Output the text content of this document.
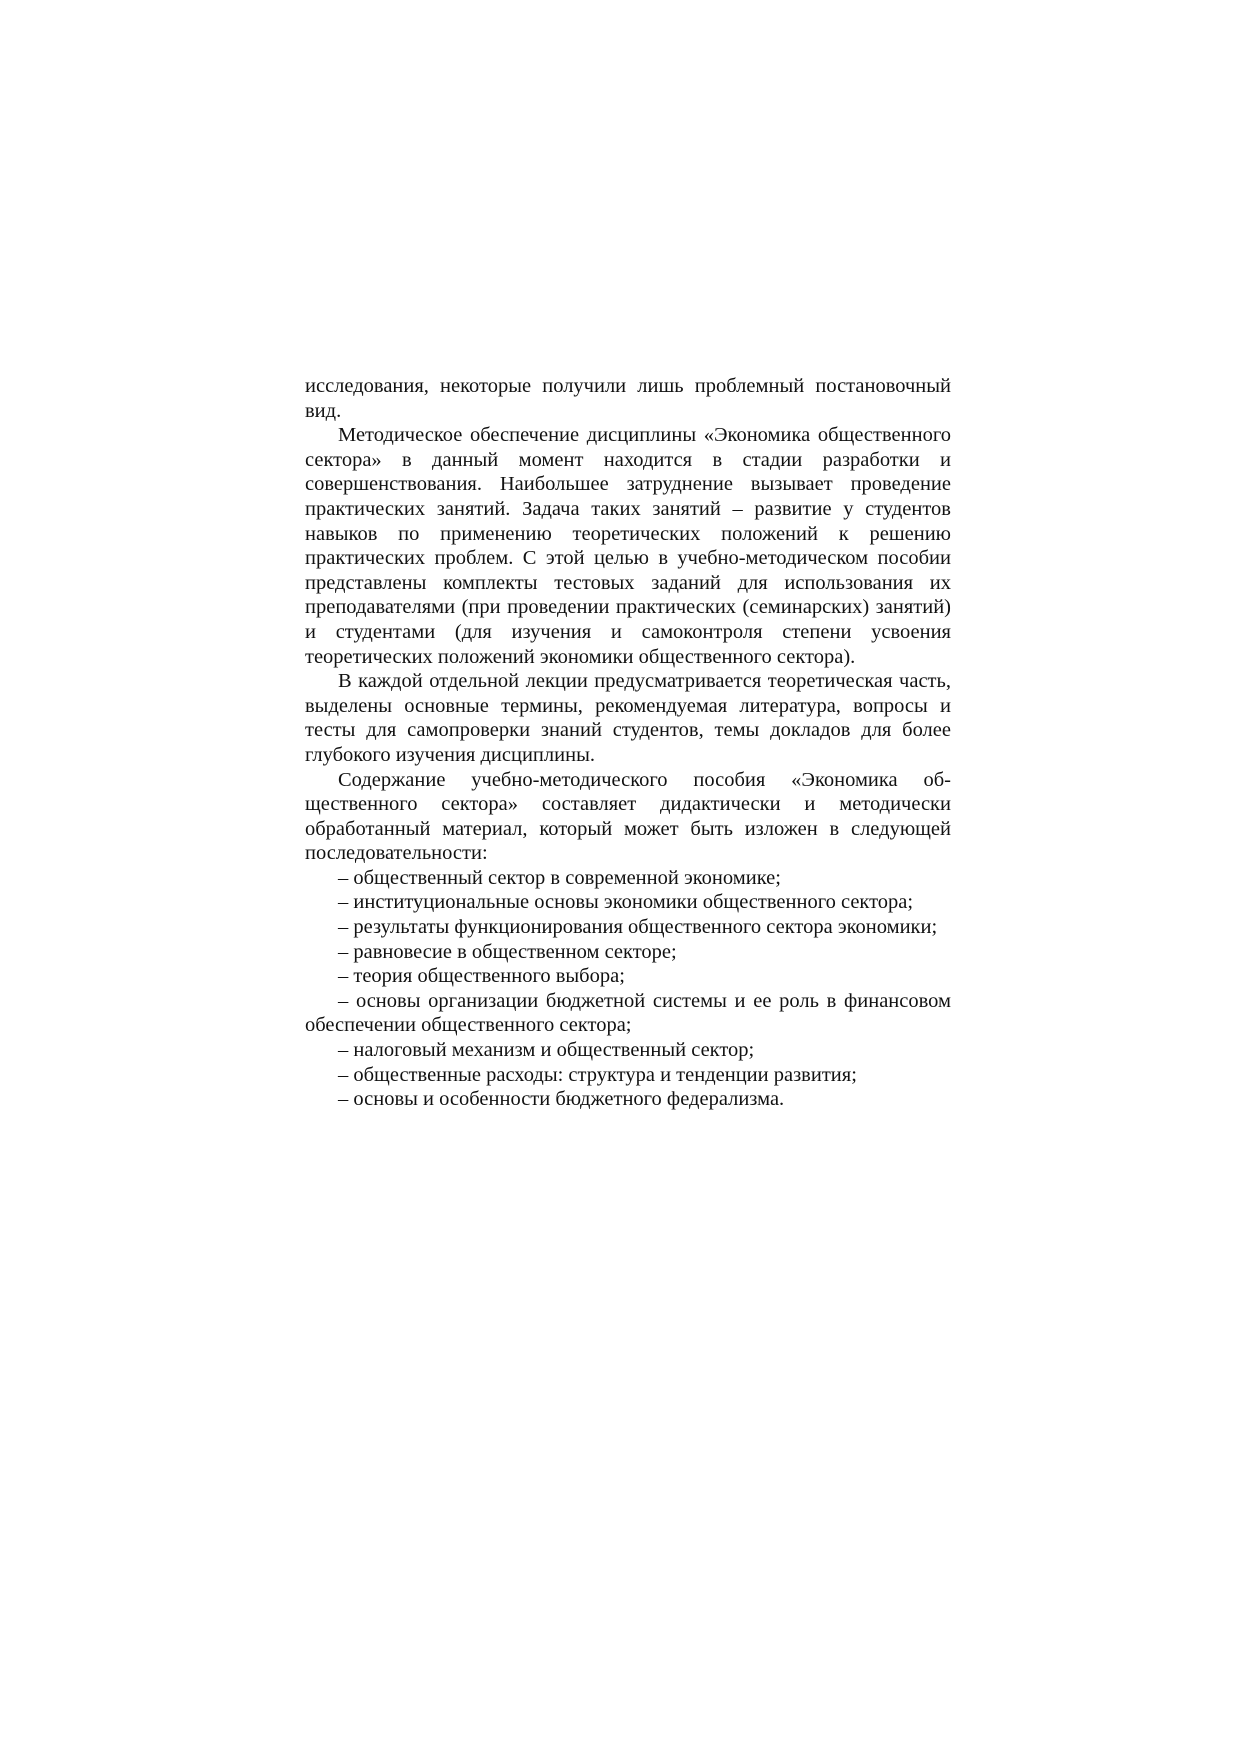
исследования, некоторые получили лишь проблемный постановочный вид.

Методическое обеспечение дисциплины «Экономика общественного сектора» в данный момент находится в стадии разработки и совершенствования. Наибольшее затруднение вызывает проведение практических занятий. Задача таких занятий – развитие у студентов навыков по применению теоретических положений к решению практических проблем. С этой целью в учебно-методическом пособии представлены комплекты тестовых заданий для использования их преподавателями (при проведении практических (семинарских) занятий) и студентами (для изучения и самоконтроля степени усвоения теоретических положений экономики общественного сектора).

В каждой отдельной лекции предусматривается теоретическая часть, выделены основные термины, рекомендуемая литература, вопросы и тесты для самопроверки знаний студентов, темы докладов для более глубокого изучения дисциплины.

Содержание учебно-методического пособия «Экономика общественного сектора» составляет дидактически и методически обработанный материал, который может быть изложен в следующей последовательности:

– общественный сектор в современной экономике;
– институциональные основы экономики общественного сектора;
– результаты функционирования общественного сектора экономики;
– равновесие в общественном секторе;
– теория общественного выбора;
– основы организации бюджетной системы и ее роль в финансовом обеспечении общественного сектора;
– налоговый механизм и общественный сектор;
– общественные расходы: структура и тенденции развития;
– основы и особенности бюджетного федерализма.
